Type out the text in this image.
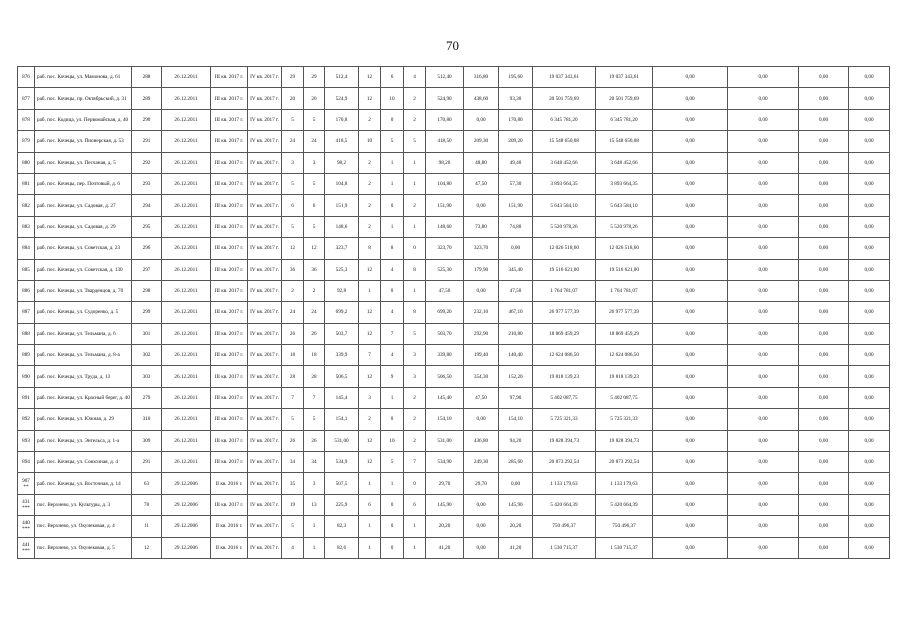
70
876	раб. пос. Кочецы, ул. Мамонова, д. 61	288	26.12.2011	III кв. 2017 г.	IV кв. 2017 г.	29	29	512,4	12	6	4	512,40	316,80	195,60	19 037 343,61	19 037 343,61	0,00	0,00	0,00	0,00
877	раб. пос. Кочецы, пр. Октябрьский, д. 31	289	26.12.2011	III кв. 2017 г.	IV кв. 2017 г.	20	20	524,9	12	10	2	524,90	438,60	93,30	20 501 759,69	20 501 759,69	0,00	0,00	0,00	0,00
878	раб. пос. Кодица, ул. Первомайская, д. 40	290	26.12.2011	III кв. 2017 г.	IV кв. 2017 г.	5	5	170,8	2	0	2	170,80	0,00	170,80	6 345 781,20	6 345 781,20	0,00	0,00	0,00	0,00
879	раб. пос. Кочецы, ул. Пионерская, д. 53	291	26.12.2011	III кв. 2017 г.	IV кв. 2017 г.	24	24	418,5	10	5	5	418,50	209,30	209,20	15 548 650,08	15 548 650,08	0,00	0,00	0,00	0,00
880	раб. пос. Кочецы, ул. Песчаная, д. 5	292	26.12.2011	III кв. 2017 г.	IV кв. 2017 г.	3	3	98,2	2	1	1	98,20	48,80	49,40	3 648 452,66	3 648 452,66	0,00	0,00	0,00	0,00
881	раб. пос. Кочецы, пер. Почтовый, д. 6	293	26.12.2011	III кв. 2017 г.	IV кв. 2017 г.	5	5	104,8	2	1	1	104,80	47,50	57,30	3 893 664,35	3 893 664,35	0,00	0,00	0,00	0,00
882	раб. пос. Кочецы, ул. Садовая, д. 27	294	26.12.2011	III кв. 2017 г.	IV кв. 2017 г.	6	6	151,9	2	0	2	151,90	0,00	151,90	5 643 584,10	5 643 584,10	0,00	0,00	0,00	0,00
883	раб. пос. Кочецы, ул. Садовая, д. 29	295	26.12.2011	III кв. 2017 г.	IV кв. 2017 г.	5	5	148,6	2	1	1	148,60	73,80	74,80	5 520 978,26	5 520 978,26	0,00	0,00	0,00	0,00
884	раб. пос. Кочецы, ул. Советская, д. 23	296	26.12.2011	III кв. 2017 г.	IV кв. 2017 г.	12	12	323,7	8	8	0	323,70	323,70	0,00	12 026 518,60	12 026 518,60	0,00	0,00	0,00	0,00
885	раб. пос. Кочецы, ул. Советская, д. 130	297	26.12.2011	III кв. 2017 г.	IV кв. 2017 г.	36	36	525,3	12	4	8	525,30	179,90	345,40	19 516 621,00	19 516 621,00	0,00	0,00	0,00	0,00
886	раб. пос. Кочецы, ул. Тварденцов, д. 70	298	26.12.2011	III кв. 2017 г.	IV кв. 2017 г.	2	2	92,8	1	0	1	47,50	0,00	47,50	1 764 781,07	1 764 781,07	0,00	0,00	0,00	0,00
887	раб. пос. Кочецы, ул. Судоренко, д. 5	299	26.12.2011	III кв. 2017 г.	IV кв. 2017 г.	24	24	699,2	12	4	8	699,20	232,10	467,10	26 977 577,39	26 977 577,39	0,00	0,00	0,00	0,00
888	раб. пос. Кочецы, ул. Тельмана, д. 6	301	26.12.2011	III кв. 2017 г.	IV кв. 2017 г.	26	26	503,7	12	7	5	503,70	292,90	210,80	18 869 459,29	18 869 459,29	0,00	0,00	0,00	0,00
889	раб. пос. Кочецы, ул. Тельмана, д. 8-а	302	26.12.2011	III кв. 2017 г.	IV кв. 2017 г.	18	18	339,9	7	4	3	339,80	199,40	140,40	12 624 086,50	12 624 086,50	0,00	0,00	0,00	0,00
890	раб. пос. Кочецы, ул. Труда, д. 13	303	26.12.2011	III кв. 2017 г.	IV кв. 2017 г.	28	28	506,5	12	9	3	506,50	354,30	152,20	19 818 139,23	19 818 139,23	0,00	0,00	0,00	0,00
891	раб. пос. Кочецы, ул. Красный берег, д. 40	279	26.12.2011	III кв. 2017 г.	IV кв. 2017 г.	7	7	145,4	3	1	2	145,40	47,50	97,90	5 402 087,75	5 402 087,75	0,00	0,00	0,00	0,00
892	раб. пос. Кочецы, ул. Южная, д. 29	310	26.12.2011	III кв. 2017 г.	IV кв. 2017 г.	5	5	154,1	2	0	2	154,10	0,00	154,10	5 725 321,33	5 725 321,33	0,00	0,00	0,00	0,00
893	раб. пос. Кочецы, ул. Энгельса, д. 1-а	309	26.12.2011	III кв. 2017 г.	IV кв. 2017 г.	26	26	531,00	12	10	2	531,00	436,80	94,20	19 828 394,73	19 828 394,73	0,00	0,00	0,00	0,00
894	раб. пос. Кочецы, ул. Совхозная, д. 4	291	26.12.2011	III кв. 2017 г.	IV кв. 2017 г.	34	34	534,9	12	5	7	534,90	249,30	285,60	20 873 292,54	20 873 292,54	0,00	0,00	0,00	0,00
907 **	раб. пос. Кочецы, ул. Восточная, д. 14	63	29.12.2006	II кв. 2016 г.	IV кв. 2017 г.	35	3	507,5	1	1	0	29,70	29,70	0,00	1 133 179,63	1 133 179,63	0,00	0,00	0,00	0,00
431 ***	пос. Верхнево, ул. Культуры, д. 3	78	29.12.2006	III кв. 2017 г.	IV кв. 2017 г.	19	13	225,9	6	0	6	145,90	0,00	145,90	5 420 664,39	5 420 664,39	0,00	0,00	0,00	0,00
440 ***	пос. Верхнево, ул. Окунековая, д. 4	11	29.12.2006	II кв. 2016 г.	IV кв. 2017 г.	5	1	82,3	1	0	1	20,20	0,00	20,20	750 496,37	750 496,37	0,00	0,00	0,00	0,00
441 ***	пос. Верхнево, ул. Окунековая, д. 5	12	29.12.2006	II кв. 2016 г.	IV кв. 2017 г.	4	1	82,6	1	0	1	41,20	0,00	41,20	1 530 715,37	1 530 715,37	0,00	0,00	0,00	0,00
